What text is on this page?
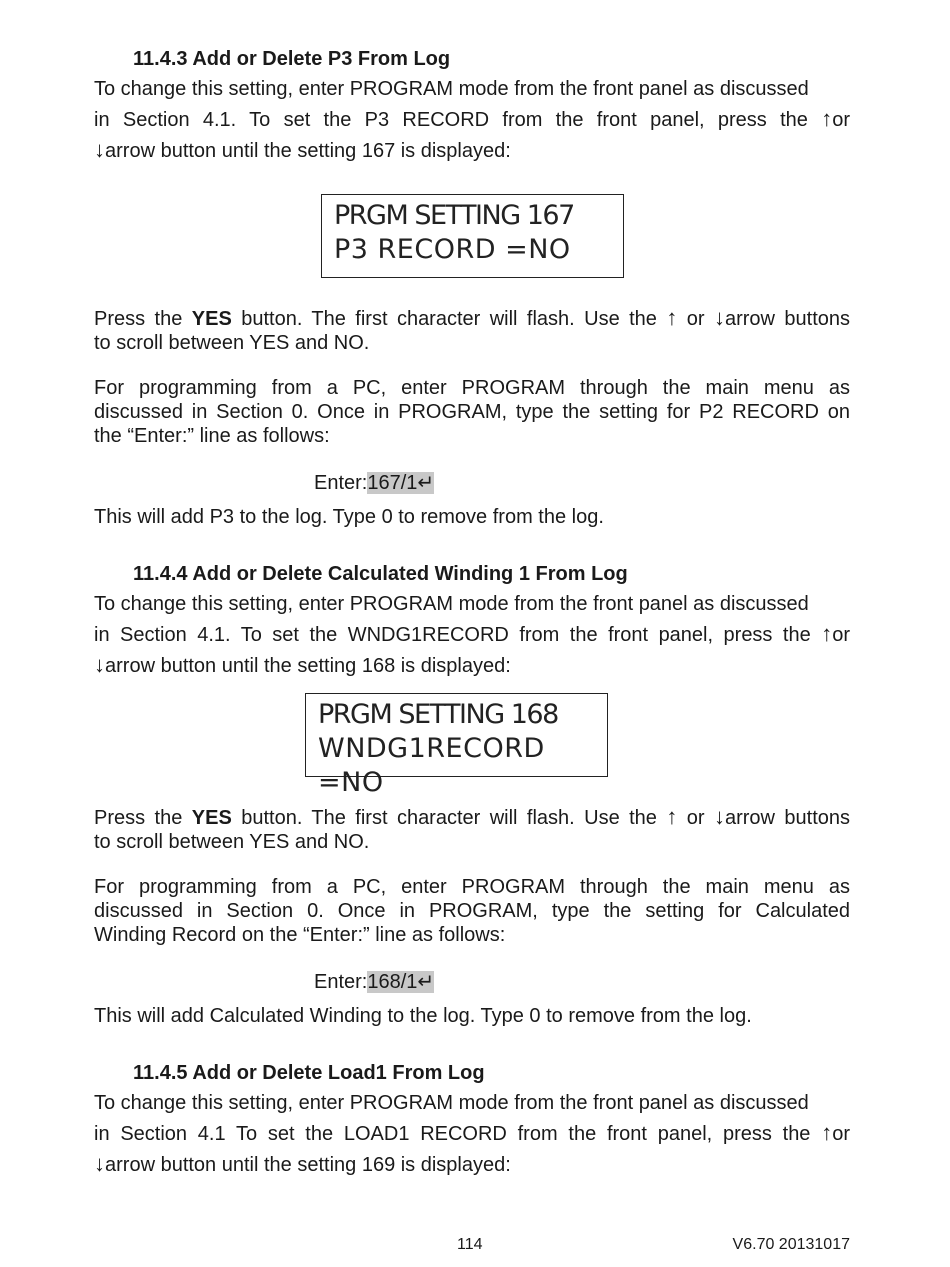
11.4.3 Add or Delete P3 From Log
To change this setting, enter PROGRAM mode from the front panel as discussed
in Section 4.1. To set the P3 RECORD from the front panel, press the ↑or
↓arrow button until the setting 167 is displayed:
PRGM SETTING 167
P3 RECORD =NO
Press the YES button. The first character will flash. Use the ↑ or ↓arrow buttons
to scroll between YES and NO.
For programming from a PC, enter PROGRAM through the main menu as
discussed in Section 0. Once in PROGRAM, type the setting for P2 RECORD on
the “Enter:” line as follows:
Enter:167/1↵
This will add P3 to the log. Type 0 to remove from the log.
11.4.4 Add or Delete Calculated Winding 1 From Log
To change this setting, enter PROGRAM mode from the front panel as discussed
in Section 4.1. To set the WNDG1RECORD from the front panel, press the ↑or
↓arrow button until the setting 168 is displayed:
PRGM SETTING 168
WNDG1RECORD =NO
Press the YES button. The first character will flash. Use the ↑ or ↓arrow buttons
to scroll between YES and NO.
For programming from a PC, enter PROGRAM through the main menu as
discussed in Section 0. Once in PROGRAM, type the setting for Calculated
Winding Record on the “Enter:” line as follows:
Enter:168/1↵
This will add Calculated Winding to the log. Type 0 to remove from the log.
11.4.5 Add or Delete Load1 From Log
To change this setting, enter PROGRAM mode from the front panel as discussed
in Section 4.1 To set the LOAD1 RECORD from the front panel, press the ↑or
↓arrow button until the setting 169 is displayed:
114	V6.70 20131017
